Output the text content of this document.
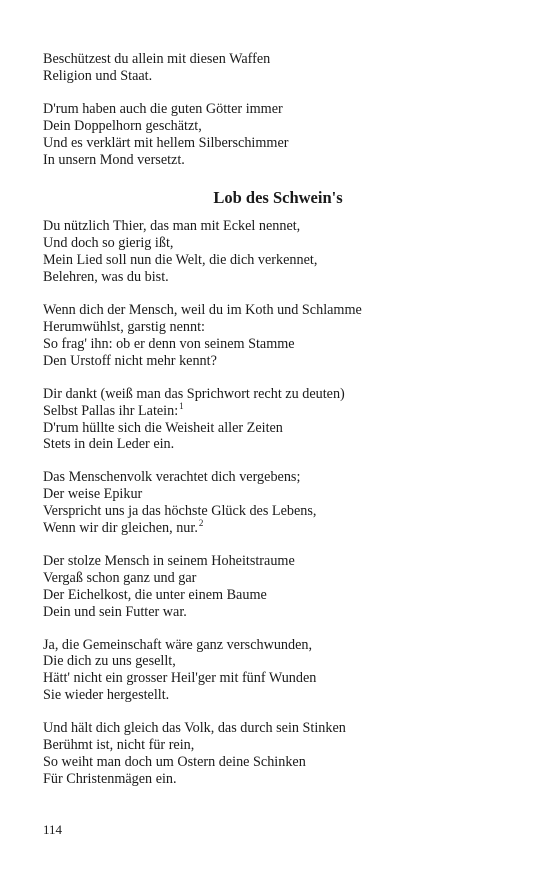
Beschützest du allein mit diesen Waffen
Religion und Staat.
D'rum haben auch die guten Götter immer
Dein Doppelhorn geschätzt,
Und es verklärt mit hellem Silberschimmer
In unsern Mond versetzt.
Lob des Schwein's
Du nützlich Thier, das man mit Eckel nennet,
Und doch so gierig ißt,
Mein Lied soll nun die Welt, die dich verkennet,
Belehren, was du bist.
Wenn dich der Mensch, weil du im Koth und Schlamme
Herumwühlst, garstig nennt:
So frag' ihn: ob er denn von seinem Stamme
Den Urstoff nicht mehr kennt?
Dir dankt (weiß man das Sprichwort recht zu deuten)
Selbst Pallas ihr Latein:$^1$
D'rum hüllte sich die Weisheit aller Zeiten
Stets in dein Leder ein.
Das Menschenvolk verachtet dich vergebens;
Der weise Epikur
Verspricht uns ja das höchste Glück des Lebens,
Wenn wir dir gleichen, nur.$^2$
Der stolze Mensch in seinem Hoheitstraume
Vergaß schon ganz und gar
Der Eichelkost, die unter einem Baume
Dein und sein Futter war.
Ja, die Gemeinschaft wäre ganz verschwunden,
Die dich zu uns gesellt,
Hätt' nicht ein grosser Heil'ger mit fünf Wunden
Sie wieder hergestellt.
Und hält dich gleich das Volk, das durch sein Stinken
Berühmt ist, nicht für rein,
So weiht man doch um Ostern deine Schinken
Für Christenmägen ein.
114
